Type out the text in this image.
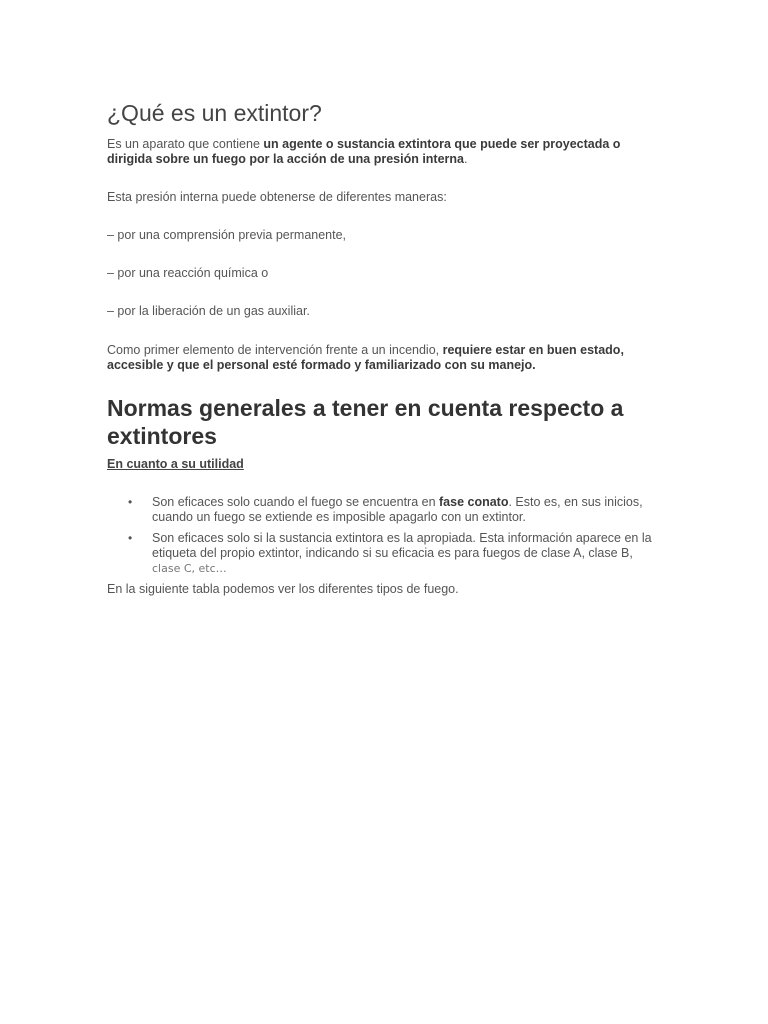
¿Qué es un extintor?

Es un aparato que contiene un agente o sustancia extintora que puede ser proyectada o dirigida sobre un fuego por la acción de una presión interna.

Esta presión interna puede obtenerse de diferentes maneras:

– por una comprensión previa permanente,

– por una reacción química o

– por la liberación de un gas auxiliar.

Como primer elemento de intervención frente a un incendio, requiere estar en buen estado, accesible y que el personal esté formado y familiarizado con su manejo.

Normas generales a tener en cuenta respecto a extintores

En cuanto a su utilidad

• Son eficaces solo cuando el fuego se encuentra en fase conato. Esto es, en sus inicios, cuando un fuego se extiende es imposible apagarlo con un extintor.
• Son eficaces solo si la sustancia extintora es la apropiada. Esta información aparece en la etiqueta del propio extintor, indicando si su eficacia es para fuegos de clase A, clase B, clase C, etc…

En la siguiente tabla podemos ver los diferentes tipos de fuego.
